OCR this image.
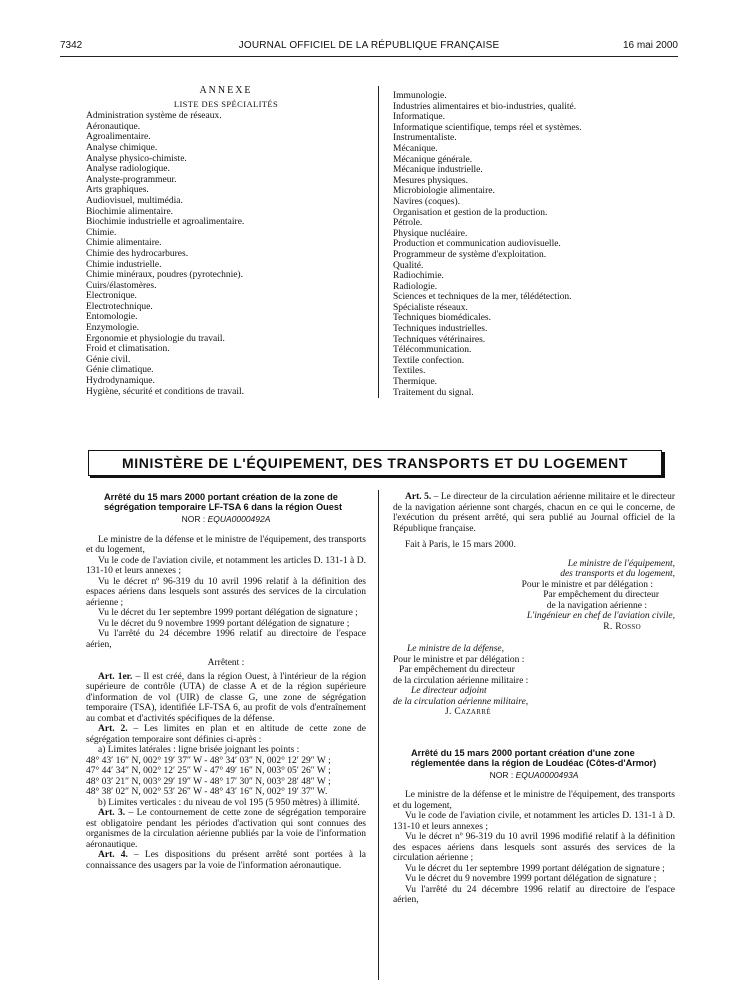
7342	JOURNAL OFFICIEL DE LA RÉPUBLIQUE FRANÇAISE	16 mai 2000
ANNEXE
LISTE DES SPÉCIALITÉS
Administration système de réseaux.
Aéronautique.
Agroalimentaire.
Analyse chimique.
Analyse physico-chimiste.
Analyse radiologique.
Analyste-programmeur.
Arts graphiques.
Audiovisuel, multimédia.
Biochimie alimentaire.
Biochimie industrielle et agroalimentaire.
Chimie.
Chimie alimentaire.
Chimie des hydrocarbures.
Chimie industrielle.
Chimie minéraux, poudres (pyrotechnie).
Cuirs/élastomères.
Electronique.
Electrotechnique.
Entomologie.
Enzymologie.
Ergonomie et physiologie du travail.
Froid et climatisation.
Génie civil.
Génie climatique.
Hydrodynamique.
Hygiène, sécurité et conditions de travail.
Immunologie.
Industries alimentaires et bio-industries, qualité.
Informatique.
Informatique scientifique, temps réel et systèmes.
Instrumentaliste.
Mécanique.
Mécanique générale.
Mécanique industrielle.
Mesures physiques.
Microbiologie alimentaire.
Navires (coques).
Organisation et gestion de la production.
Pétrole.
Physique nucléaire.
Production et communication audiovisuelle.
Programmeur de système d'exploitation.
Qualité.
Radiochimie.
Radiologie.
Sciences et techniques de la mer, télédétection.
Spécialiste réseaux.
Techniques biomédicales.
Techniques industrielles.
Techniques vétérinaires.
Télécommunication.
Textile confection.
Textiles.
Thermique.
Traitement du signal.
MINISTÈRE DE L'ÉQUIPEMENT, DES TRANSPORTS ET DU LOGEMENT
Arrêté du 15 mars 2000 portant création de la zone de ségrégation temporaire LF-TSA 6 dans la région Ouest
NOR : EQUA0000492A

Le ministre de la défense et le ministre de l'équipement, des transports et du logement,

Vu le code de l'aviation civile, et notamment les articles D. 131-1 à D. 131-10 et leurs annexes ;

Vu le décret nº 96-319 du 10 avril 1996 relatif à la définition des espaces aériens dans lesquels sont assurés des services de la circulation aérienne ;

Vu le décret du 1er septembre 1999 portant délégation de signature ;

Vu le décret du 9 novembre 1999 portant délégation de signature ;

Vu l'arrêté du 24 décembre 1996 relatif au directoire de l'espace aérien,

Arrêtent :

Art. 1er. – Il est créé, dans la région Ouest, à l'intérieur de la région supérieure de contrôle (UTA) de classe A et de la région supérieure d'information de vol (UIR) de classe G, une zone de ségrégation temporaire (TSA), identifiée LF-TSA 6, au profit de vols d'entraînement au combat et d'activités spécifiques de la défense.

Art. 2. – Les limites en plan et en altitude de cette zone de ségrégation temporaire sont définies ci-après :

a) Limites latérales : ligne brisée joignant les points :

48° 43′ 16″ N, 002° 19′ 37″ W - 48° 34′ 03″ N, 002° 12′ 29″ W ;
47° 44′ 34″ N, 002° 12′ 25″ W - 47° 49′ 16″ N, 003° 05′ 26″ W ;
48° 03′ 21″ N, 003° 29′ 19″ W - 48° 17′ 30″ N, 003° 28′ 48″ W ;
48° 38′ 02″ N, 002° 53′ 26″ W - 48° 43′ 16″ N, 002° 19′ 37″ W.

b) Limites verticales : du niveau de vol 195 (5 950 mètres) à illimité.

Art. 3. – Le contournement de cette zone de ségrégation temporaire est obligatoire pendant les périodes d'activation qui sont connues des organismes de la circulation aérienne publiés par la voie de l'information aéronautique.

Art. 4. – Les dispositions du présent arrêté sont portées à la connaissance des usagers par la voie de l'information aéronautique.

Art. 5. – Le directeur de la circulation aérienne militaire et le directeur de la navigation aérienne sont chargés, chacun en ce qui le concerne, de l'exécution du présent arrêté, qui sera publié au Journal officiel de la République française.

Fait à Paris, le 15 mars 2000.

Le ministre de l'équipement,
des transports et du logement,
Pour le ministre et par délégation :
Par empêchement du directeur
de la navigation aérienne :
L'ingénieur en chef de l'aviation civile,
R. Rosso
Le ministre de la défense,
Pour le ministre et par délégation :
Par empêchement du directeur
de la circulation aérienne militaire :
Le directeur adjoint
de la circulation aérienne militaire,
J. Cazarré
Arrêté du 15 mars 2000 portant création d'une zone réglementée dans la région de Loudéac (Côtes-d'Armor)
NOR : EQUA0000493A

Le ministre de la défense et le ministre de l'équipement, des transports et du logement,

Vu le code de l'aviation civile, et notamment les articles D. 131-1 à D. 131-10 et leurs annexes ;

Vu le décret nº 96-319 du 10 avril 1996 modifié relatif à la définition des espaces aériens dans lesquels sont assurés des services de la circulation aérienne ;

Vu le décret du 1er septembre 1999 portant délégation de signature ;

Vu le décret du 9 novembre 1999 portant délégation de signature ;

Vu l'arrêté du 24 décembre 1996 relatif au directoire de l'espace aérien,
